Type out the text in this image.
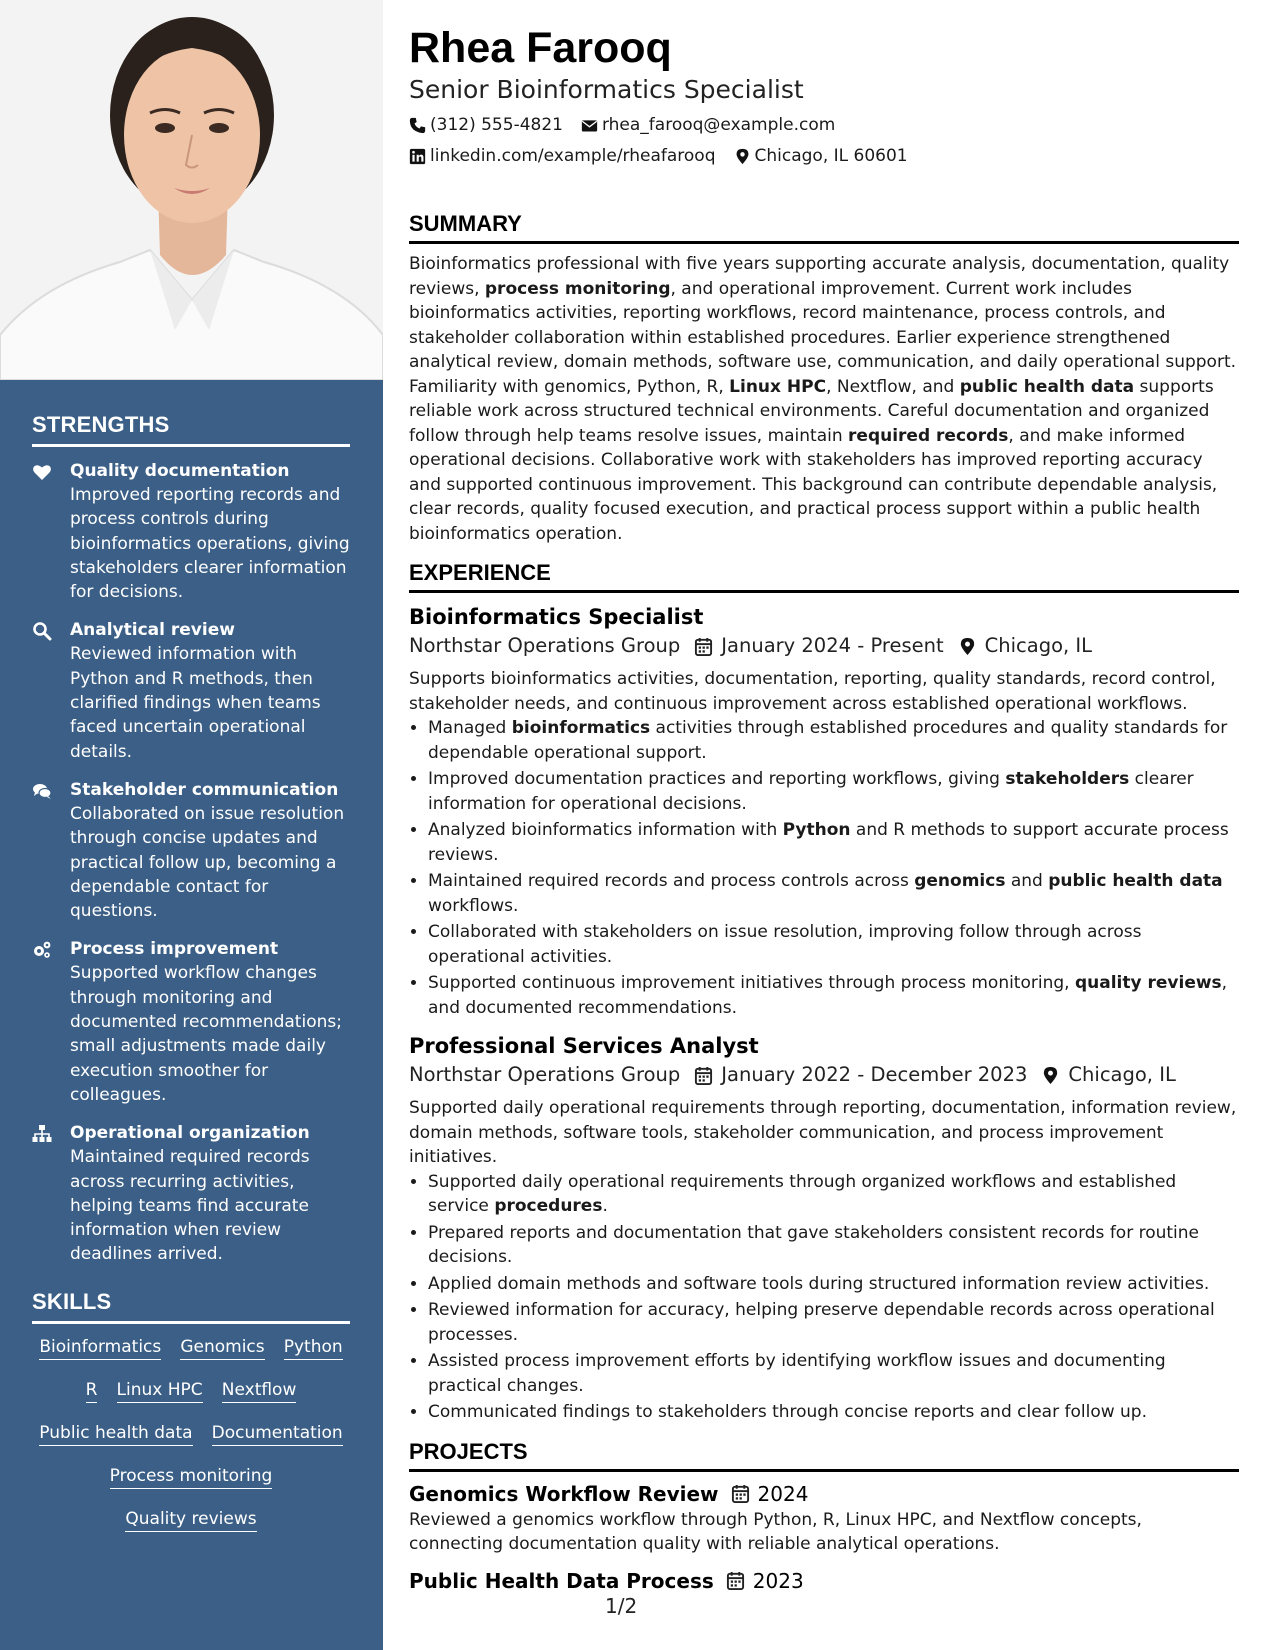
STRENGTHS
Quality documentation
Improved reporting records and process controls during bioinformatics operations, giving stakeholders clearer information for decisions.
Analytical review
Reviewed information with Python and R methods, then clarified findings when teams faced uncertain operational details.
Stakeholder communication
Collaborated on issue resolution through concise updates and practical follow up, becoming a dependable contact for questions.
Process improvement
Supported workflow changes through monitoring and documented recommendations; small adjustments made daily execution smoother for colleagues.
Operational organization
Maintained required records across recurring activities, helping teams find accurate information when review deadlines arrived.
SKILLS
Bioinformatics Genomics Python
R Linux HPC Nextflow
Public health data Documentation
Process monitoring
Quality reviews
Rhea Farooq
Senior Bioinformatics Specialist
(312) 555-4821 rhea_farooq@example.com
linkedin.com/example/rheafarooq Chicago, IL 60601
SUMMARY
Bioinformatics professional with five years supporting accurate analysis, documentation, quality reviews, process monitoring, and operational improvement. Current work includes bioinformatics activities, reporting workflows, record maintenance, process controls, and stakeholder collaboration within established procedures. Earlier experience strengthened analytical review, domain methods, software use, communication, and daily operational support. Familiarity with genomics, Python, R, Linux HPC, Nextflow, and public health data supports reliable work across structured technical environments. Careful documentation and organized follow through help teams resolve issues, maintain required records, and make informed operational decisions. Collaborative work with stakeholders has improved reporting accuracy and supported continuous improvement. This background can contribute dependable analysis, clear records, quality focused execution, and practical process support within a public health bioinformatics operation.
EXPERIENCE
Bioinformatics Specialist
Northstar Operations Group January 2024 - Present Chicago, IL
Supports bioinformatics activities, documentation, reporting, quality standards, record control, stakeholder needs, and continuous improvement across established operational workflows.
• Managed bioinformatics activities through established procedures and quality standards for dependable operational support.
• Improved documentation practices and reporting workflows, giving stakeholders clearer information for operational decisions.
• Analyzed bioinformatics information with Python and R methods to support accurate process reviews.
• Maintained required records and process controls across genomics and public health data workflows.
• Collaborated with stakeholders on issue resolution, improving follow through across operational activities.
• Supported continuous improvement initiatives through process monitoring, quality reviews, and documented recommendations.
Professional Services Analyst
Northstar Operations Group January 2022 - December 2023 Chicago, IL
Supported daily operational requirements through reporting, documentation, information review, domain methods, software tools, stakeholder communication, and process improvement initiatives.
• Supported daily operational requirements through organized workflows and established service procedures.
• Prepared reports and documentation that gave stakeholders consistent records for routine decisions.
• Applied domain methods and software tools during structured information review activities.
• Reviewed information for accuracy, helping preserve dependable records across operational processes.
• Assisted process improvement efforts by identifying workflow issues and documenting practical changes.
• Communicated findings to stakeholders through concise reports and clear follow up.
PROJECTS
Genomics Workflow Review 2024
Reviewed a genomics workflow through Python, R, Linux HPC, and Nextflow concepts, connecting documentation quality with reliable analytical operations.
Public Health Data Process 2023
1/2
